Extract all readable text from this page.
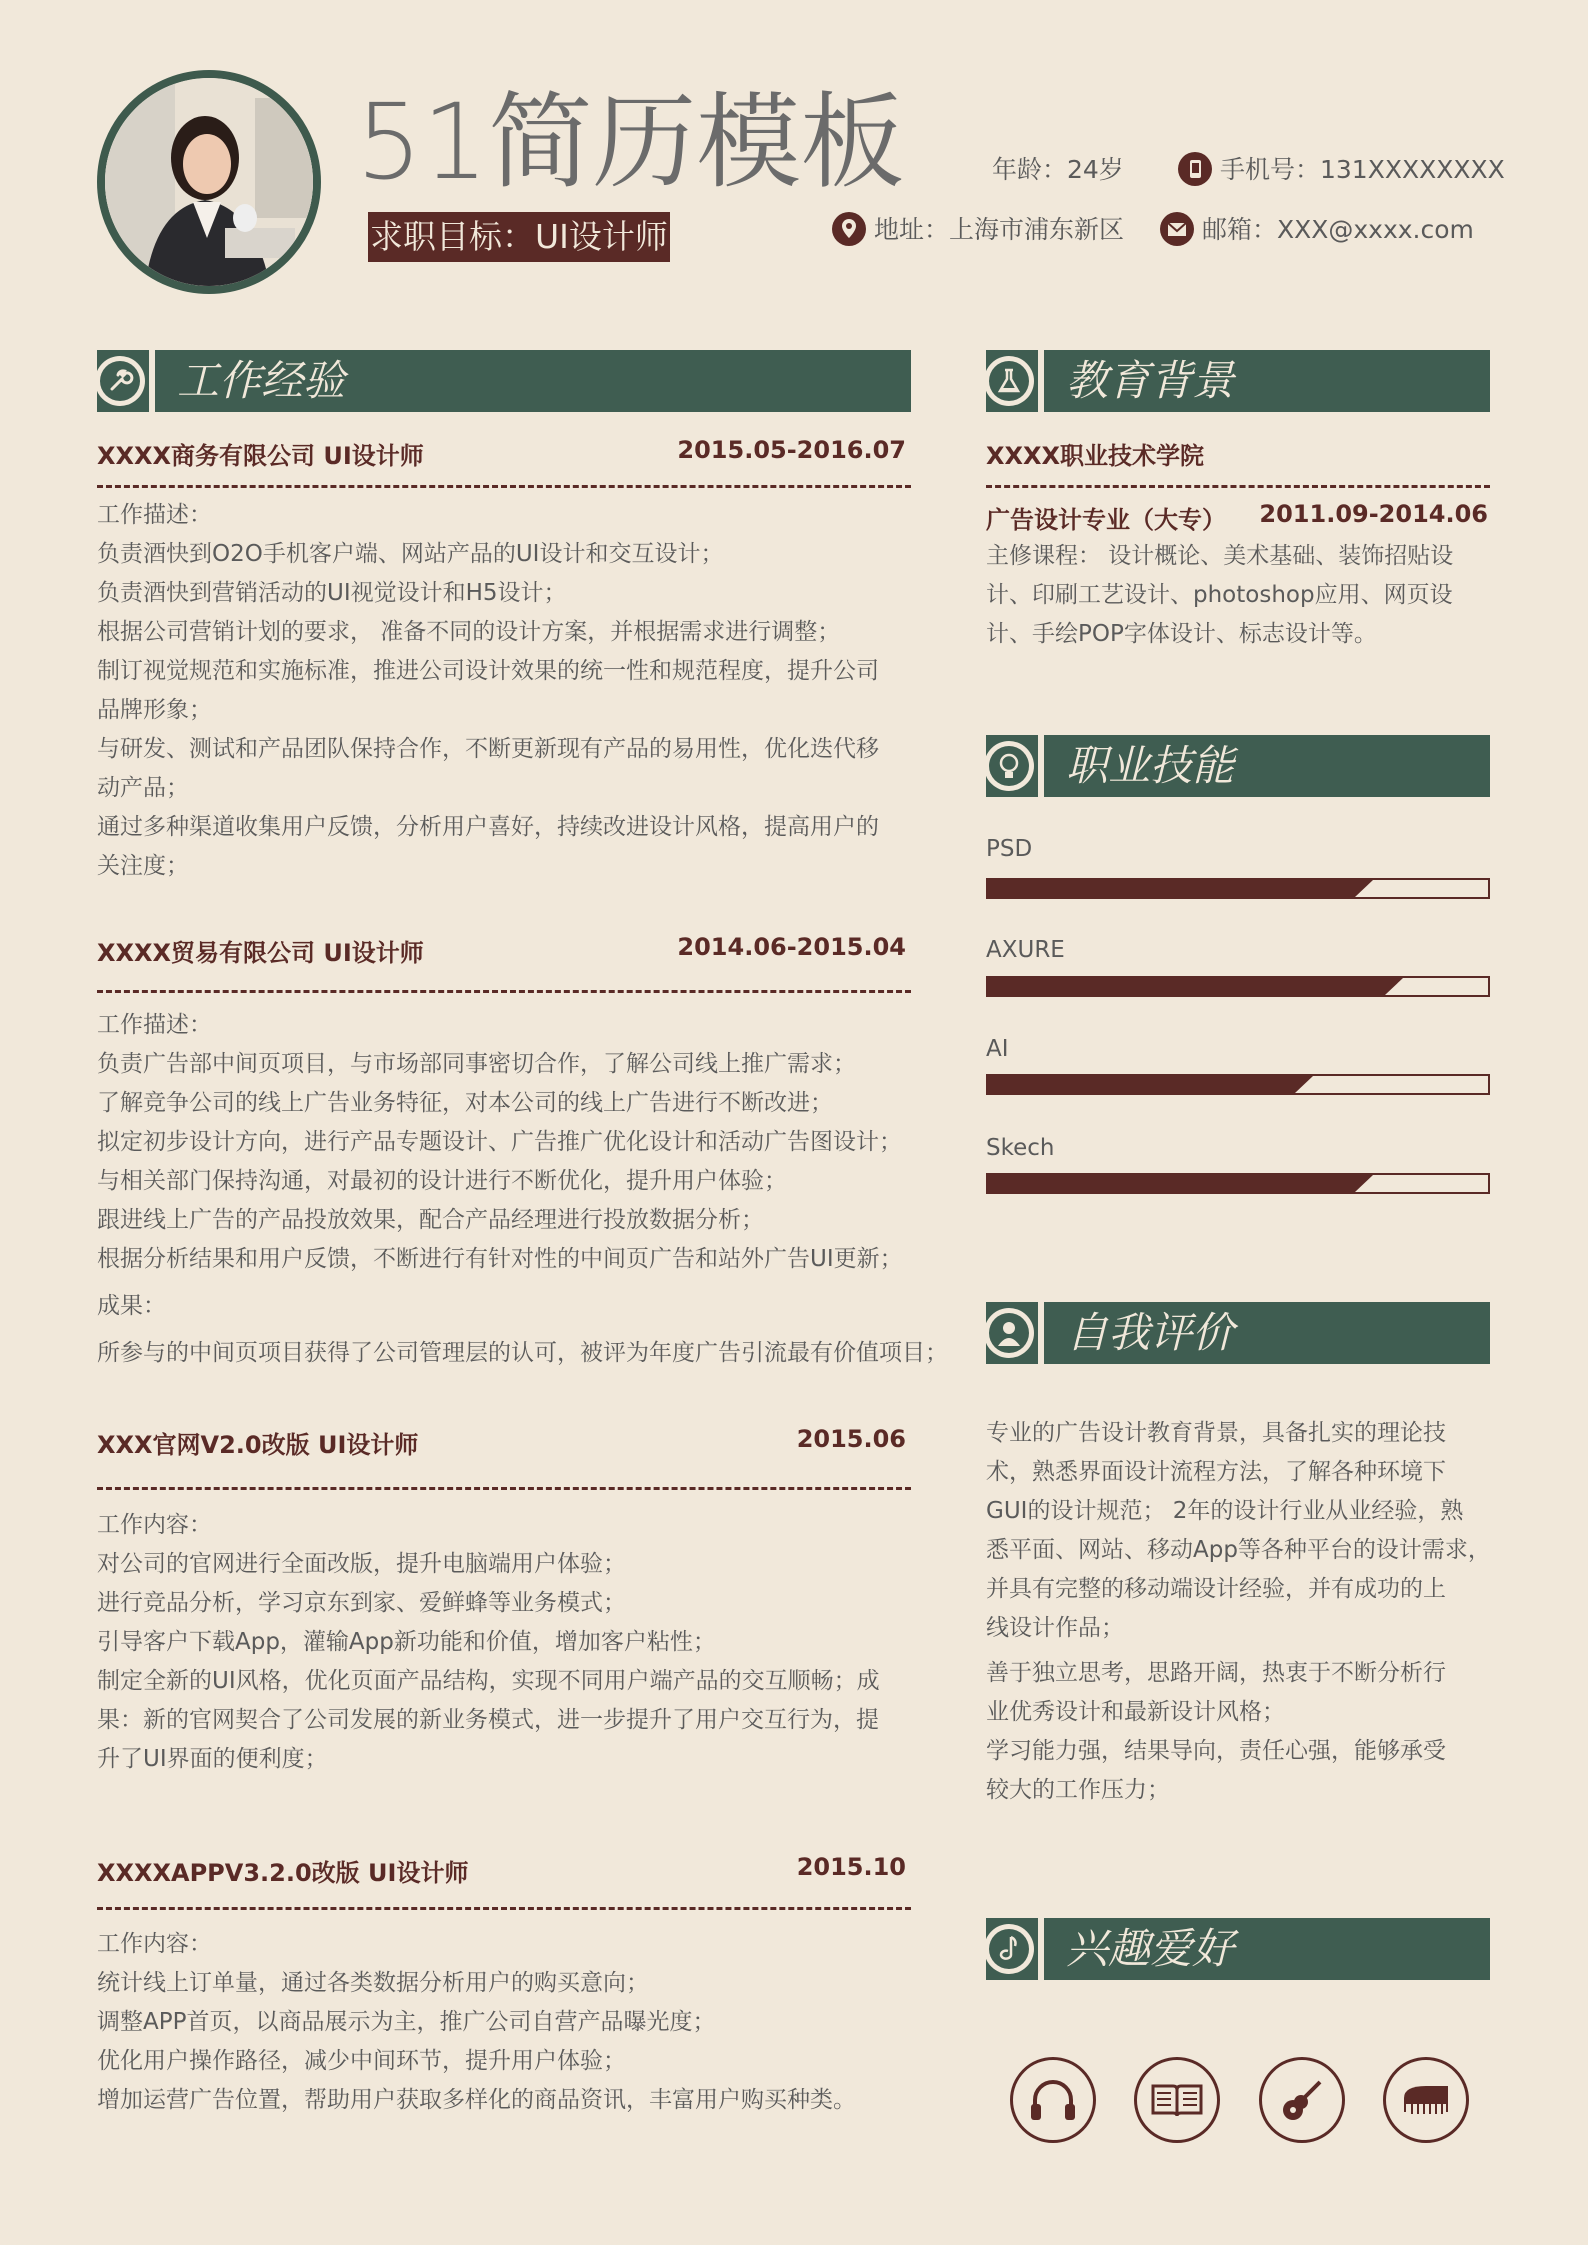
51简历模板
求职目标：UI设计师
年龄：24岁	手机号：131XXXXXXXX
地址：上海市浦东新区	邮箱：XXX@xxxx.com
工作经验
XXXX商务有限公司 UI设计师	2015.05-2016.07
工作描述：
负责酒快到O2O手机客户端、网站产品的UI设计和交互设计；
负责酒快到营销活动的UI视觉设计和H5设计；
根据公司营销计划的要求， 准备不同的设计方案，并根据需求进行调整；
制订视觉规范和实施标准，推进公司设计效果的统一性和规范程度，提升公司
品牌形象；
与研发、测试和产品团队保持合作，不断更新现有产品的易用性，优化迭代移
动产品；
通过多种渠道收集用户反馈，分析用户喜好，持续改进设计风格，提高用户的
关注度；
XXXX贸易有限公司 UI设计师	2014.06-2015.04
工作描述：
负责广告部中间页项目，与市场部同事密切合作，了解公司线上推广需求；
了解竞争公司的线上广告业务特征，对本公司的线上广告进行不断改进；
拟定初步设计方向，进行产品专题设计、广告推广优化设计和活动广告图设计；
与相关部门保持沟通，对最初的设计进行不断优化，提升用户体验；
跟进线上广告的产品投放效果，配合产品经理进行投放数据分析；
根据分析结果和用户反馈，不断进行有针对性的中间页广告和站外广告UI更新；
成果：
所参与的中间页项目获得了公司管理层的认可，被评为年度广告引流最有价值项目；
XXX官网V2.0改版 UI设计师	2015.06
工作内容：
对公司的官网进行全面改版，提升电脑端用户体验；
进行竞品分析，学习京东到家、爱鲜蜂等业务模式；
引导客户下载App，灌输App新功能和价值，增加客户粘性；
制定全新的UI风格，优化页面产品结构，实现不同用户端产品的交互顺畅；成
果：新的官网契合了公司发展的新业务模式，进一步提升了用户交互行为，提
升了UI界面的便利度；
XXXXAPPV3.2.0改版 UI设计师	2015.10
工作内容：
统计线上订单量，通过各类数据分析用户的购买意向；
调整APP首页，以商品展示为主，推广公司自营产品曝光度；
优化用户操作路径，减少中间环节，提升用户体验；
增加运营广告位置，帮助用户获取多样化的商品资讯，丰富用户购买种类。
教育背景
XXXX职业技术学院
广告设计专业（大专）	2011.09-2014.06
主修课程： 设计概论、美术基础、装饰招贴设
计、印刷工艺设计、photoshop应用、网页设
计、手绘POP字体设计、标志设计等。
职业技能
PSD
AXURE
AI
Skech
自我评价
专业的广告设计教育背景，具备扎实的理论技
术，熟悉界面设计流程方法，了解各种环境下
GUI的设计规范； 2年的设计行业从业经验，熟
悉平面、网站、移动App等各种平台的设计需求，
并具有完整的移动端设计经验，并有成功的上
线设计作品；
善于独立思考，思路开阔，热衷于不断分析行
业优秀设计和最新设计风格；
学习能力强，结果导向，责任心强，能够承受
较大的工作压力；
兴趣爱好
